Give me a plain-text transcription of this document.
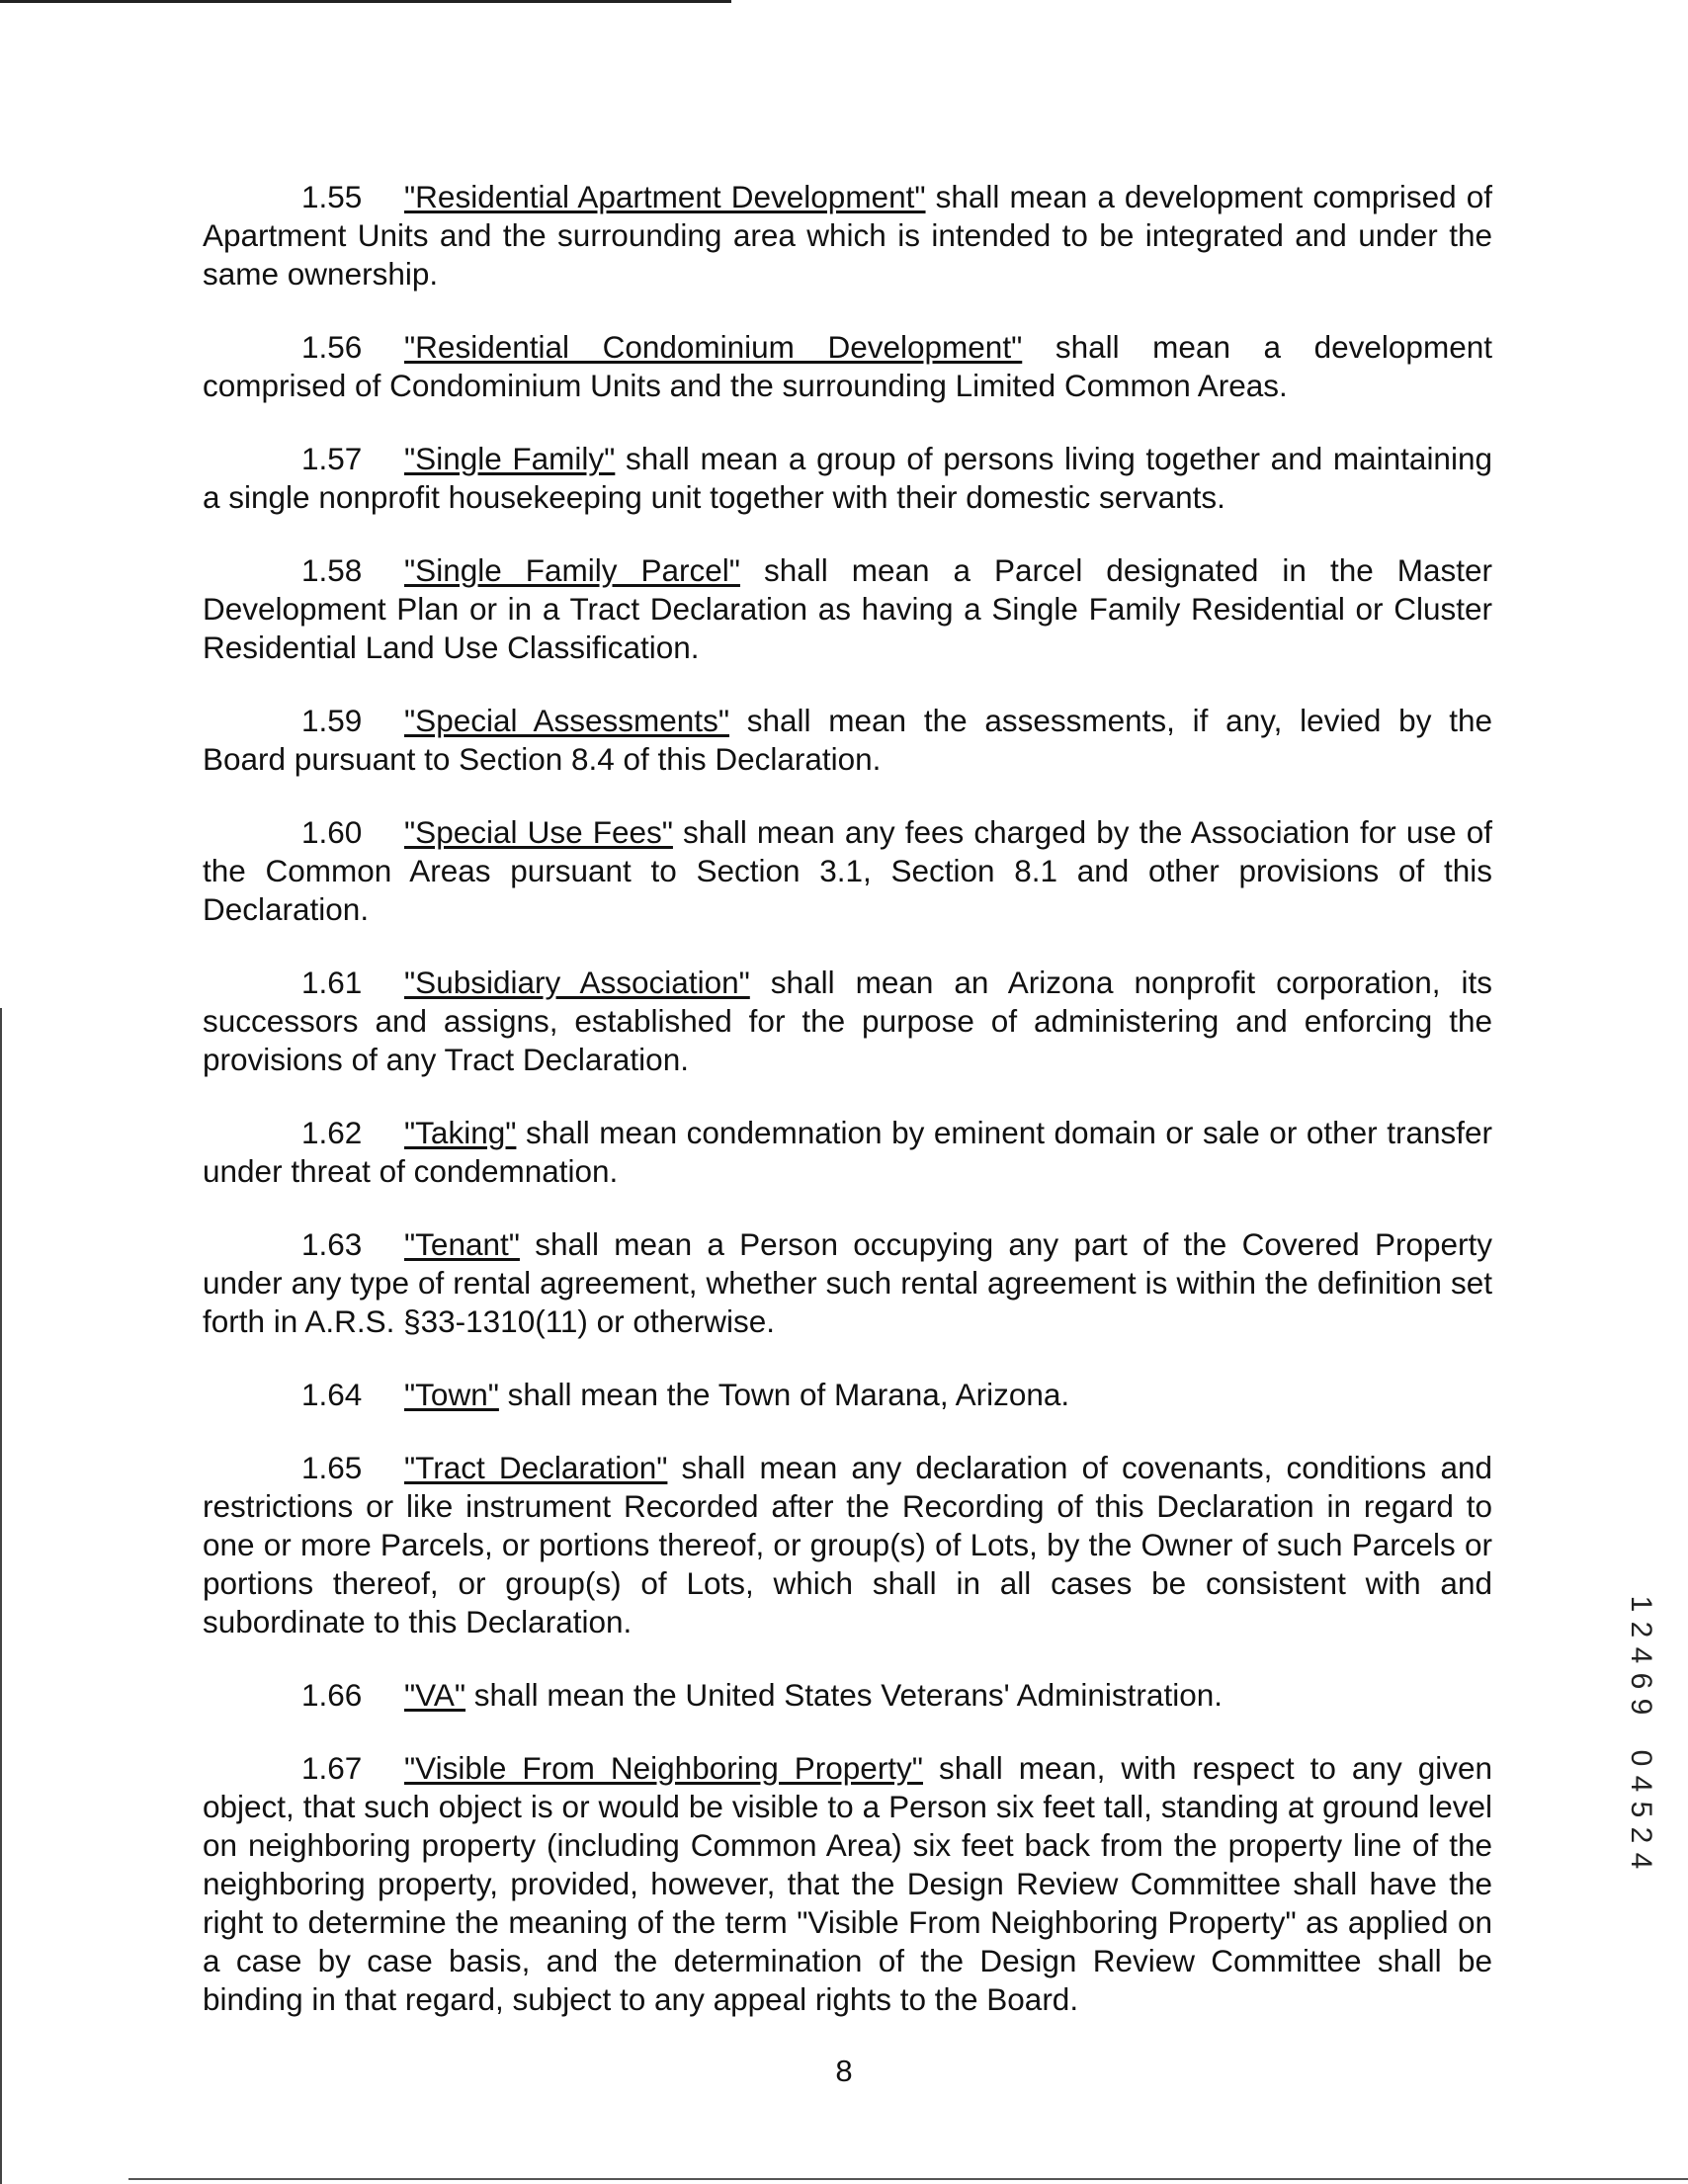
1.55 "Residential Apartment Development" shall mean a development comprised of Apartment Units and the surrounding area which is intended to be integrated and under the same ownership.

1.56 "Residential Condominium Development" shall mean a development comprised of Condominium Units and the surrounding Limited Common Areas.

1.57 "Single Family" shall mean a group of persons living together and maintaining a single nonprofit housekeeping unit together with their domestic servants.

1.58 "Single Family Parcel" shall mean a Parcel designated in the Master Development Plan or in a Tract Declaration as having a Single Family Residential or Cluster Residential Land Use Classification.

1.59 "Special Assessments" shall mean the assessments, if any, levied by the Board pursuant to Section 8.4 of this Declaration.

1.60 "Special Use Fees" shall mean any fees charged by the Association for use of the Common Areas pursuant to Section 3.1, Section 8.1 and other provisions of this Declaration.

1.61 "Subsidiary Association" shall mean an Arizona nonprofit corporation, its successors and assigns, established for the purpose of administering and enforcing the provisions of any Tract Declaration.

1.62 "Taking" shall mean condemnation by eminent domain or sale or other transfer under threat of condemnation.

1.63 "Tenant" shall mean a Person occupying any part of the Covered Property under any type of rental agreement, whether such rental agreement is within the definition set forth in A.R.S. §33-1310(11) or otherwise.

1.64 "Town" shall mean the Town of Marana, Arizona.

1.65 "Tract Declaration" shall mean any declaration of covenants, conditions and restrictions or like instrument Recorded after the Recording of this Declaration in regard to one or more Parcels, or portions thereof, or group(s) of Lots, by the Owner of such Parcels or portions thereof, or group(s) of Lots, which shall in all cases be consistent with and subordinate to this Declaration.

1.66 "VA" shall mean the United States Veterans' Administration.

1.67 "Visible From Neighboring Property" shall mean, with respect to any given object, that such object is or would be visible to a Person six feet tall, standing at ground level on neighboring property (including Common Area) six feet back from the property line of the neighboring property, provided, however, that the Design Review Committee shall have the right to determine the meaning of the term "Visible From Neighboring Property" as applied on a case by case basis, and the determination of the Design Review Committee shall be binding in that regard, subject to any appeal rights to the Board.

8
1
2
4
6
9
0
4
5
2
4
